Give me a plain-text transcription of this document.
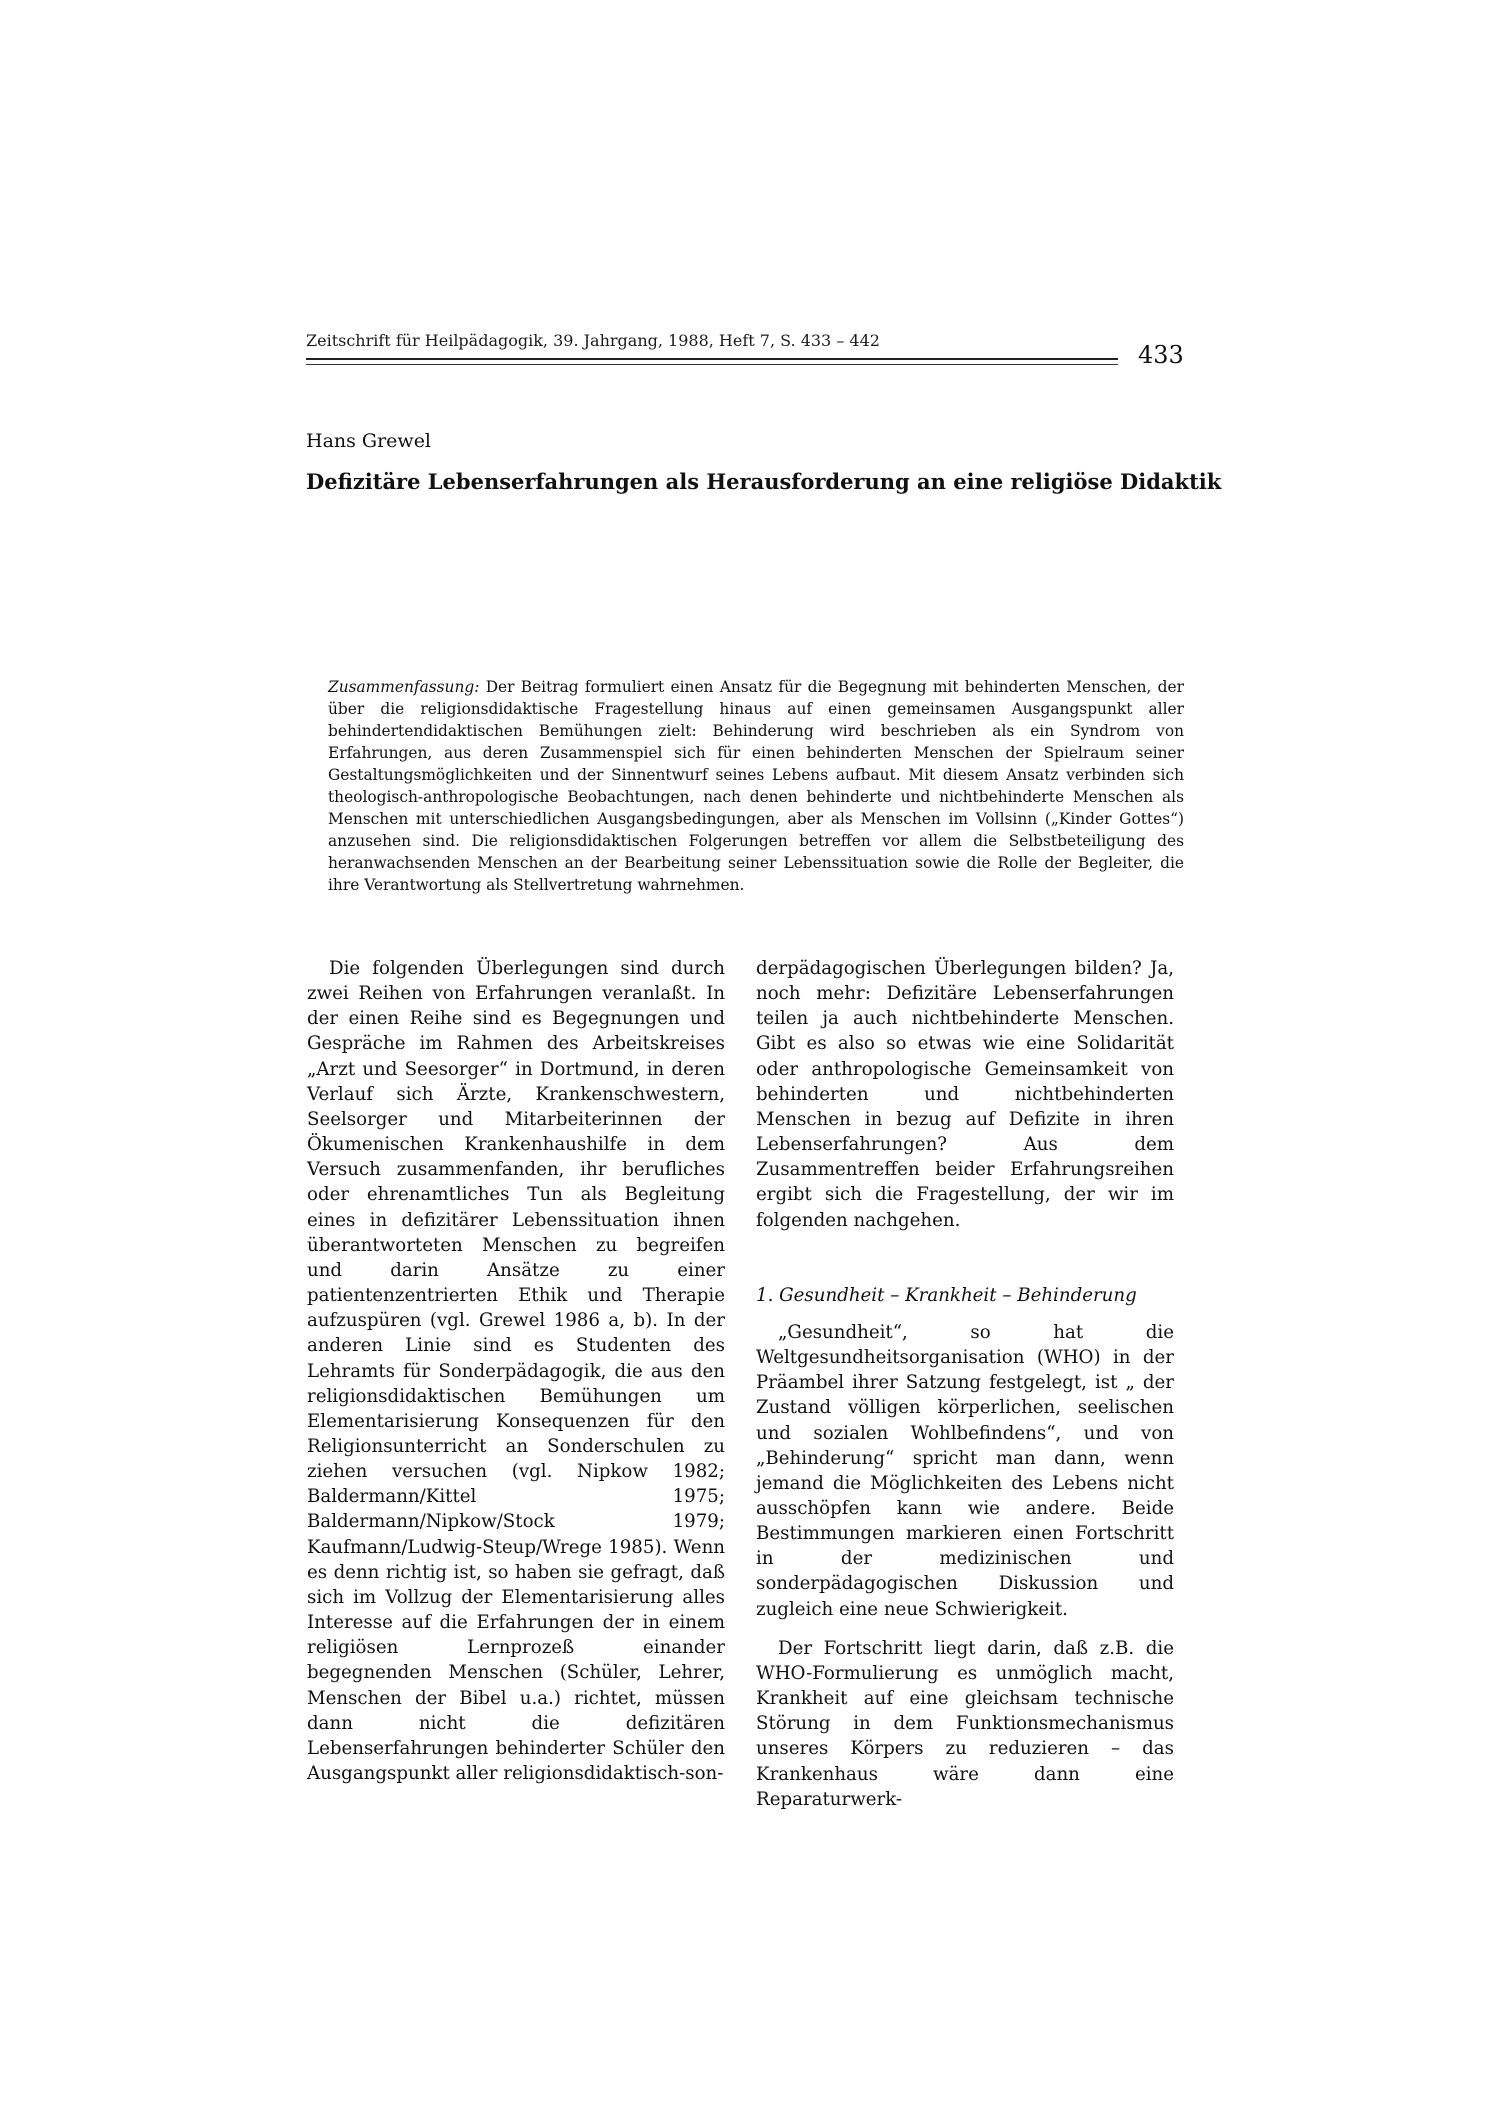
Zeitschrift für Heilpädagogik, 39. Jahrgang, 1988, Heft 7, S. 433 – 442
433
Hans Grewel
Defizitäre Lebenserfahrungen als Herausforderung an eine religiöse Didaktik
Zusammenfassung: Der Beitrag formuliert einen Ansatz für die Begegnung mit behinderten Menschen, der über die religionsdidaktische Fragestellung hinaus auf einen gemeinsamen Ausgangspunkt aller behindertendidaktischen Bemühungen zielt: Behinderung wird beschrieben als ein Syndrom von Erfahrungen, aus deren Zusammenspiel sich für einen behinderten Menschen der Spielraum seiner Gestaltungsmöglichkeiten und der Sinnentwurf seines Lebens aufbaut. Mit diesem Ansatz verbinden sich theologisch-anthropologische Beobachtungen, nach denen behinderte und nichtbehinderte Menschen als Menschen mit unterschiedlichen Ausgangsbedingungen, aber als Menschen im Vollsinn („Kinder Gottes“) anzusehen sind. Die religionsdidaktischen Folgerungen betreffen vor allem die Selbstbeteiligung des heranwachsenden Menschen an der Bearbeitung seiner Lebenssituation sowie die Rolle der Begleiter, die ihre Verantwortung als Stellvertretung wahrnehmen.

Die folgenden Überlegungen sind durch zwei Reihen von Erfahrungen veranlaßt. In der einen Reihe sind es Begegnungen und Gespräche im Rahmen des Arbeitskreises „Arzt und Seesorger“ in Dortmund, in deren Verlauf sich Ärzte, Krankenschwestern, Seelsorger und Mitarbeiterinnen der Ökumenischen Krankenhaushilfe in dem Versuch zusammenfanden, ihr berufliches oder ehrenamtliches Tun als Begleitung eines in defizitärer Lebenssituation ihnen überantworteten Menschen zu begreifen und darin Ansätze zu einer patientenzentrierten Ethik und Therapie aufzuspüren (vgl. Grewel 1986 a, b). In der anderen Linie sind es Studenten des Lehramts für Sonderpädagogik, die aus den religionsdidaktischen Bemühungen um Elementarisierung Konsequenzen für den Religionsunterricht an Sonderschulen zu ziehen versuchen (vgl. Nipkow 1982; Baldermann/Kittel 1975; Baldermann/Nipkow/Stock 1979; Kaufmann/Ludwig-Steup/Wrege 1985). Wenn es denn richtig ist, so haben sie gefragt, daß sich im Vollzug der Elementarisierung alles Interesse auf die Erfahrungen der in einem religiösen Lernprozeß einander begegnenden Menschen (Schüler, Lehrer, Menschen der Bibel u.a.) richtet, müssen dann nicht die defizitären Lebenserfahrungen behinderter Schüler den Ausgangspunkt aller religionsdidaktisch-son-

derpädagogischen Überlegungen bilden? Ja, noch mehr: Defizitäre Lebenserfahrungen teilen ja auch nichtbehinderte Menschen. Gibt es also so etwas wie eine Solidarität oder anthropologische Gemeinsamkeit von behinderten und nichtbehinderten Menschen in bezug auf Defizite in ihren Lebenserfahrungen? Aus dem Zusammentreffen beider Erfahrungsreihen ergibt sich die Fragestellung, der wir im folgenden nachgehen.

1. Gesundheit – Krankheit – Behinderung

„Gesundheit“, so hat die Weltgesundheitsorganisation (WHO) in der Präambel ihrer Satzung festgelegt, ist „ der Zustand völligen körperlichen, seelischen und sozialen Wohlbefindens“, und von „Behinderung“ spricht man dann, wenn jemand die Möglichkeiten des Lebens nicht ausschöpfen kann wie andere. Beide Bestimmungen markieren einen Fortschritt in der medizinischen und sonderpädagogischen Diskussion und zugleich eine neue Schwierigkeit.

Der Fortschritt liegt darin, daß z.B. die WHO-Formulierung es unmöglich macht, Krankheit auf eine gleichsam technische Störung in dem Funktionsmechanismus unseres Körpers zu reduzieren – das Krankenhaus wäre dann eine Reparaturwerk-
